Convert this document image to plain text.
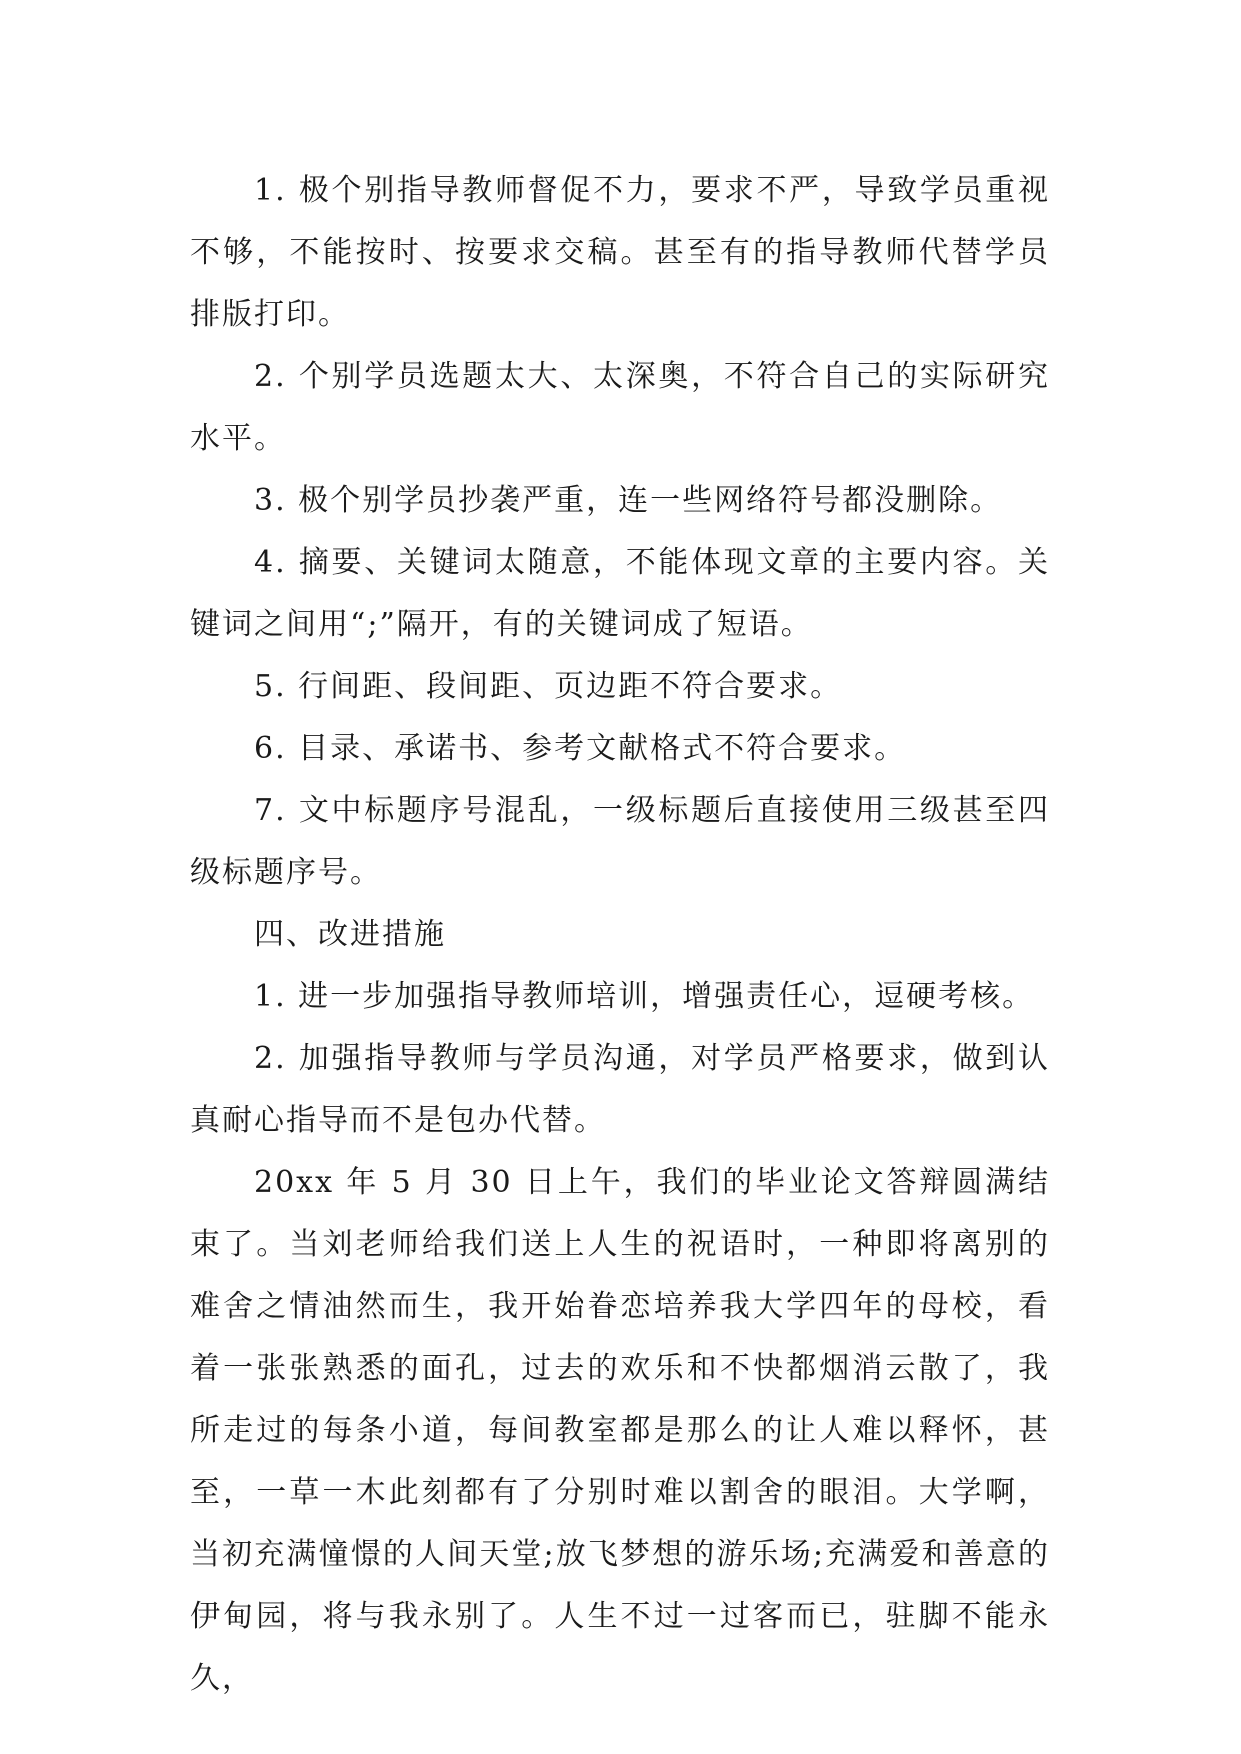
1. 极个别指导教师督促不力，要求不严，导致学员重视不够，不能按时、按要求交稿。甚至有的指导教师代替学员排版打印。

2. 个别学员选题太大、太深奥，不符合自己的实际研究水平。

3. 极个别学员抄袭严重，连一些网络符号都没删除。

4. 摘要、关键词太随意，不能体现文章的主要内容。关键词之间用“;”隔开，有的关键词成了短语。

5. 行间距、段间距、页边距不符合要求。

6. 目录、承诺书、参考文献格式不符合要求。

7. 文中标题序号混乱，一级标题后直接使用三级甚至四级标题序号。

四、改进措施

1. 进一步加强指导教师培训，增强责任心，逗硬考核。

2. 加强指导教师与学员沟通，对学员严格要求，做到认真耐心指导而不是包办代替。

20xx 年 5 月 30 日上午，我们的毕业论文答辩圆满结束了。当刘老师给我们送上人生的祝语时，一种即将离别的难舍之情油然而生，我开始眷恋培养我大学四年的母校，看着一张张熟悉的面孔，过去的欢乐和不快都烟消云散了，我所走过的每条小道，每间教室都是那么的让人难以释怀，甚至，一草一木此刻都有了分别时难以割舍的眼泪。大学啊，当初充满憧憬的人间天堂;放飞梦想的游乐场;充满爱和善意的伊甸园，将与我永别了。人生不过一过客而已，驻脚不能永久，
